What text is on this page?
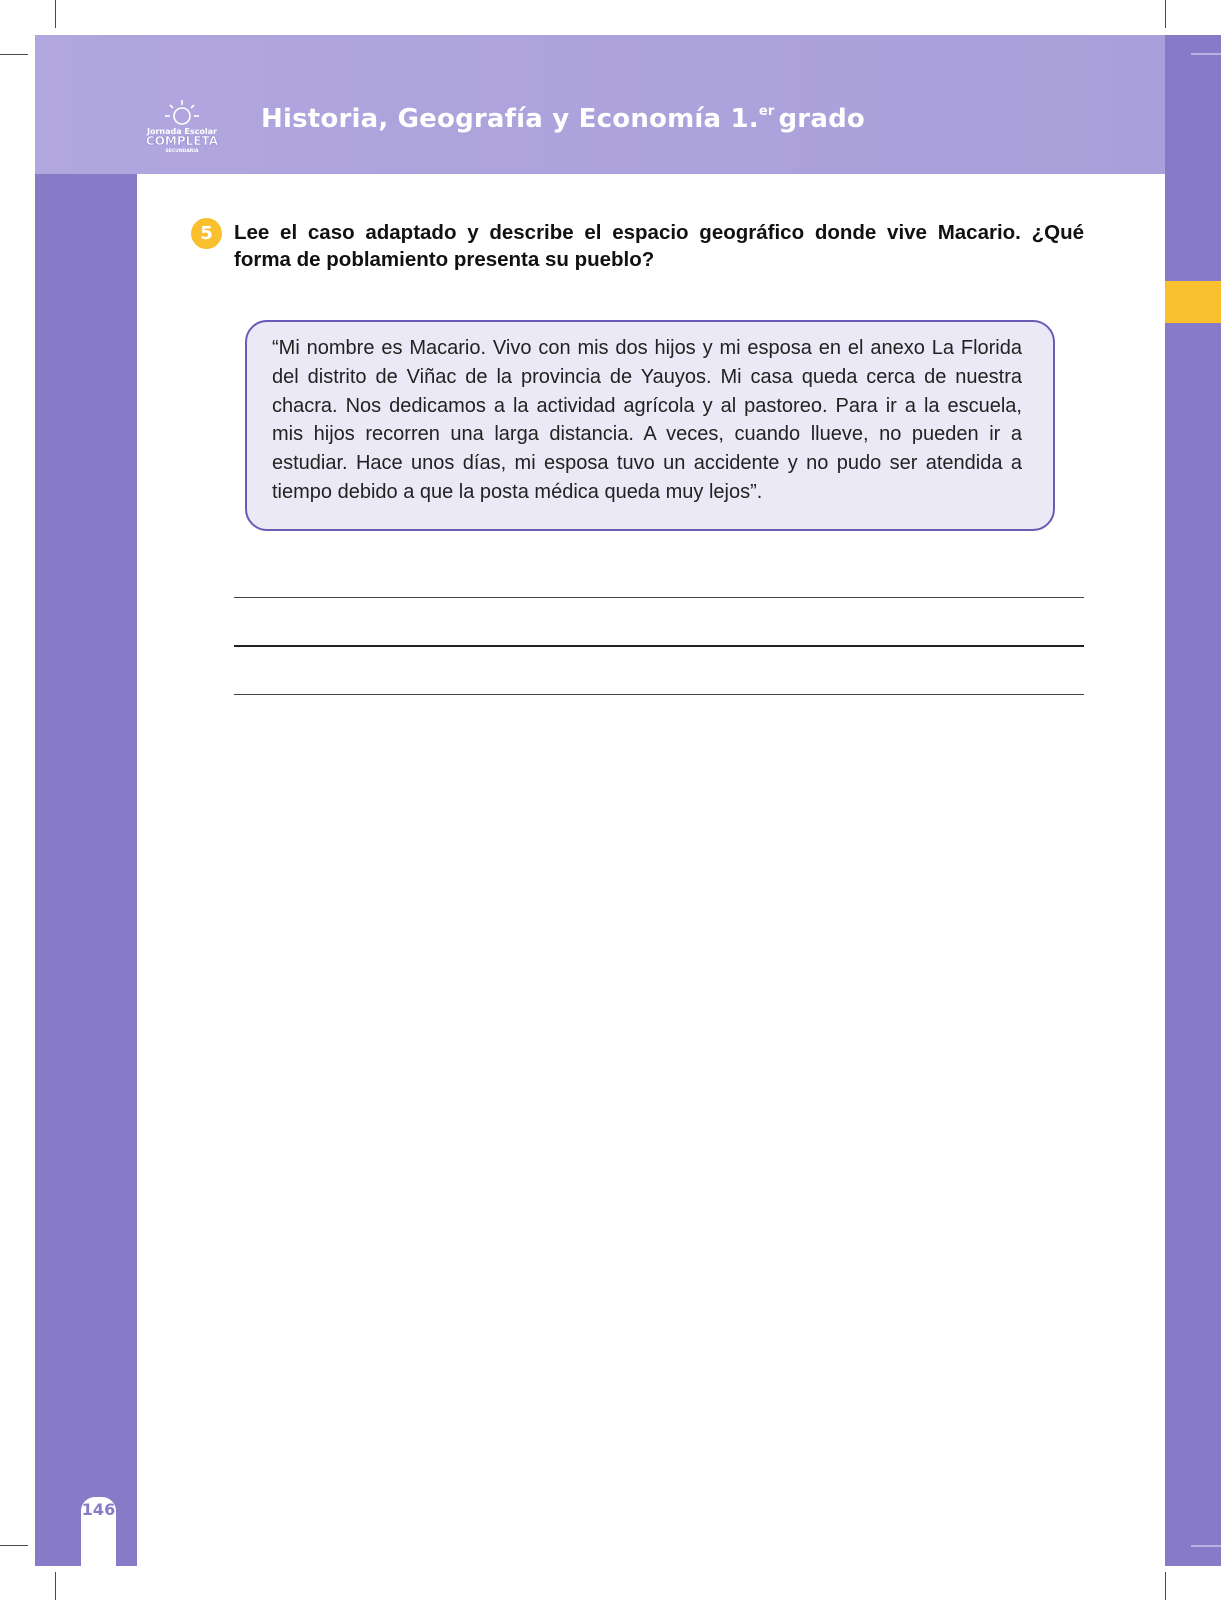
Jornada Escolar
COMPLETA
SECUNDARIA
Historia, Geografía y Economía 1.$^{er}$ grado
5	Lee el caso adaptado y describe el espacio geográfico donde vive Macario. ¿Qué forma de poblamiento presenta su pueblo?
“Mi nombre es Macario. Vivo con mis dos hijos y mi esposa en el anexo La Florida del distrito de Viñac de la provincia de Yauyos. Mi casa queda cerca de nuestra chacra. Nos dedicamos a la actividad agrícola y al pastoreo. Para ir a la escuela, mis hijos recorren una larga distancia. A veces, cuando llueve, no pueden ir a estudiar. Hace unos días, mi esposa tuvo un accidente y no pudo ser atendida a tiempo debido a que la posta médica queda muy lejos”.
146
